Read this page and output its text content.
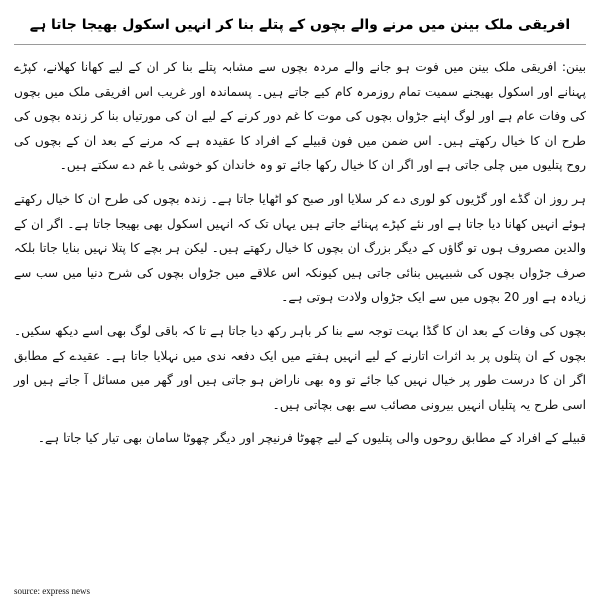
افریقی ملک بینن میں مرنے والے بچوں کے پتلے بنا کر انہیں اسکول بھیجا جاتا ہے

بینن: افریقی ملک بینن میں فوت ہو جانے والے مردہ بچوں سے مشابہ پتلے بنا کر ان کے لیے کھانا کھلانے، کپڑے پہنانے اور اسکول بھیجنے سمیت تمام روزمرہ کام کیے جاتے ہیں۔ پسماندہ اور غریب اس افریقی ملک میں بچوں کی وفات عام ہے اور لوگ اپنے جڑواں بچوں کی موت کا غم دور کرنے کے لیے ان کی مورتیاں بنا کر زندہ بچوں کی طرح ان کا خیال رکھتے ہیں۔ اس ضمن میں فون قبیلے کے افراد کا عقیدہ ہے کہ مرنے کے بعد ان کے بچوں کی روح پتلیوں میں چلی جاتی ہے اور اگر ان کا خیال رکھا جائے تو وہ خاندان کو خوشی یا غم دے سکتے ہیں۔

ہر روز ان گڈے اور گڑیوں کو لوری دے کر سلایا اور صبح کو اٹھایا جاتا ہے۔ زندہ بچوں کی طرح ان کا خیال رکھتے ہوئے انہیں کھانا دیا جاتا ہے اور نئے کپڑے پہنائے جاتے ہیں یہاں تک کہ انہیں اسکول بھی بھیجا جاتا ہے۔ اگر ان کے والدین مصروف ہوں تو گاؤں کے دیگر بزرگ ان بچوں کا خیال رکھتے ہیں۔ لیکن ہر بچے کا پتلا نہیں بنایا جاتا بلکہ صرف جڑواں بچوں کی شبیہیں بنائی جاتی ہیں کیونکہ اس علاقے میں جڑواں بچوں کی شرح دنیا میں سب سے زیادہ ہے اور 20 بچوں میں سے ایک جڑواں ولادت ہوتی ہے۔

بچوں کی وفات کے بعد ان کا گڈا بہت توجہ سے بنا کر باہر رکھ دیا جاتا ہے تا کہ باقی لوگ بھی اسے دیکھ سکیں۔ بچوں کے ان پتلوں پر بد اثرات اتارنے کے لیے انہیں ہفتے میں ایک دفعہ ندی میں نہلایا جاتا ہے۔ عقیدے کے مطابق اگر ان کا درست طور پر خیال نہیں کیا جائے تو وہ بھی ناراض ہو جاتی ہیں اور گھر میں مسائل آ جاتے ہیں اور اسی طرح یہ پتلیاں انہیں بیرونی مصائب سے بھی بچاتی ہیں۔

قبیلے کے افراد کے مطابق روحوں والی پتلیوں کے لیے چھوٹا فرنیچر اور دیگر چھوٹا سامان بھی تیار کیا جاتا ہے۔

source: express news
